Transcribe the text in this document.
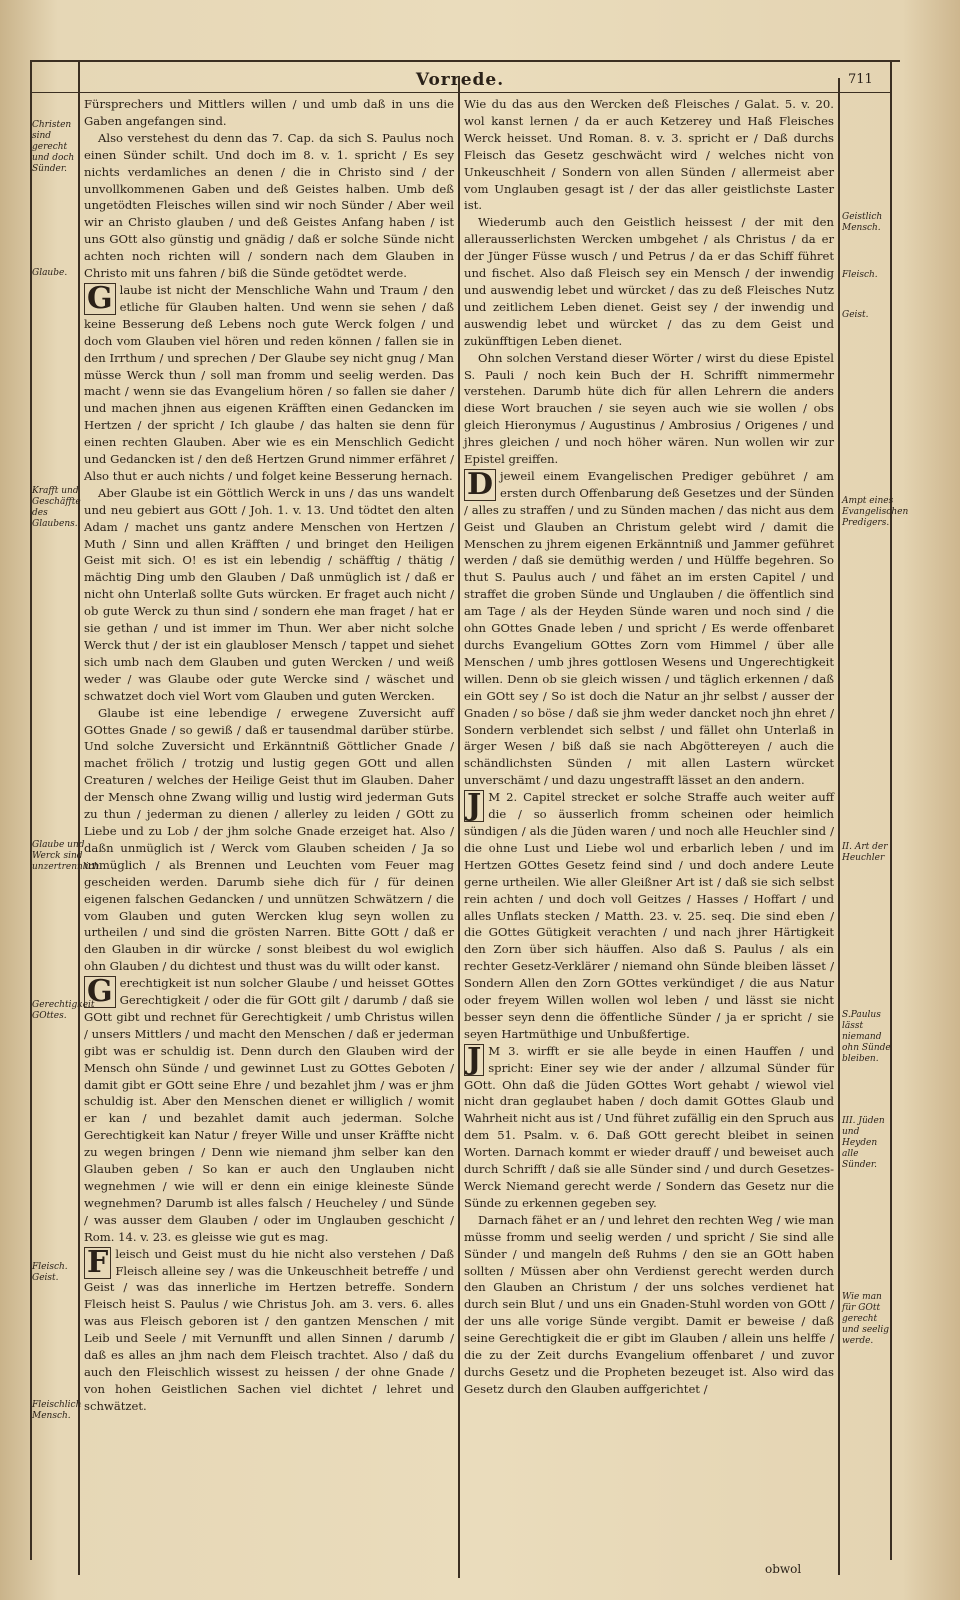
Vorrede.	711
Christen sind gerecht und doch Sünder.
Glaube.
Krafft und Geschäffte des Glaubens.
Glaube und Werck sind unzertrennlich.
Gerechtigkeit GOttes.
Fleisch. Geist.
Fleischlich Mensch.
Geistlich Mensch.
Fleisch.
Geist.
Ampt eines Evangelischen Predigers.
II. Art der Heuchler
S.Paulus lässt niemand ohn Sünde bleiben.
III. Jüden und Heyden alle Sünder.
Wie man für GOtt gerecht und seelig werde.

Fürsprechers und Mittlers willen / und umb daß in uns die Gaben angefangen sind.

Also verstehest du denn das 7. Cap. da sich S. Paulus noch einen Sünder schilt. Und doch im 8. v. 1. spricht / Es sey nichts verdamliches an denen / die in Christo sind / der unvollkommenen Gaben und deß Geistes halben. Umb deß ungetödten Fleisches willen sind wir noch Sünder / Aber weil wir an Christo glauben / und deß Geistes Anfang haben / ist uns GOtt also günstig und gnädig / daß er solche Sünde nicht achten noch richten will / sondern nach dem Glauben in Christo mit uns fahren / biß die Sünde getödtet werde.

G laube ist nicht der Menschliche Wahn und Traum / den etliche für Glauben halten. Und wenn sie sehen / daß keine Besserung deß Lebens noch gute Werck folgen / und doch vom Glauben viel hören und reden können / fallen sie in den Irrthum / und sprechen / Der Glaube sey nicht gnug / Man müsse Werck thun / soll man fromm und seelig werden. Das macht / wenn sie das Evangelium hören / so fallen sie daher / und machen jhnen aus eigenen Kräfften einen Gedancken im Hertzen / der spricht / Ich glaube / das halten sie denn für einen rechten Glauben. Aber wie es ein Menschlich Gedicht und Gedancken ist / den deß Hertzen Grund nimmer erfähret / Also thut er auch nichts / und folget keine Besserung hernach.

Aber Glaube ist ein Göttlich Werck in uns / das uns wandelt und neu gebiert aus GOtt / Joh. 1. v. 13. Und tödtet den alten Adam / machet uns gantz andere Menschen von Hertzen / Muth / Sinn und allen Kräfften / und bringet den Heiligen Geist mit sich. O! es ist ein lebendig / schäfftig / thätig / mächtig Ding umb den Glauben / Daß unmüglich ist / daß er nicht ohn Unterlaß sollte Guts würcken. Er fraget auch nicht / ob gute Werck zu thun sind / sondern ehe man fraget / hat er sie gethan / und ist immer im Thun. Wer aber nicht solche Werck thut / der ist ein glaubloser Mensch / tappet und siehet sich umb nach dem Glauben und guten Wercken / und weiß weder / was Glaube oder gute Wercke sind / wäschet und schwatzet doch viel Wort vom Glauben und guten Wercken.

Glaube ist eine lebendige / erwegene Zuversicht auff GOttes Gnade / so gewiß / daß er tausendmal darüber stürbe. Und solche Zuversicht und Erkänntniß Göttlicher Gnade / machet frölich / trotzig und lustig gegen GOtt und allen Creaturen / welches der Heilige Geist thut im Glauben. Daher der Mensch ohne Zwang willig und lustig wird jederman Guts zu thun / jederman zu dienen / allerley zu leiden / GOtt zu Liebe und zu Lob / der jhm solche Gnade erzeiget hat. Also / daßn unmüglich ist / Werck vom Glauben scheiden / Ja so unmüglich / als Brennen und Leuchten vom Feuer mag gescheiden werden. Darumb siehe dich für / für deinen eigenen falschen Gedancken / und unnützen Schwätzern / die vom Glauben und guten Wercken klug seyn wollen zu urtheilen / und sind die grösten Narren. Bitte GOtt / daß er den Glauben in dir würcke / sonst bleibest du wol ewiglich ohn Glauben / du dichtest und thust was du willt oder kanst.

G erechtigkeit ist nun solcher Glaube / und heisset GOttes Gerechtigkeit / oder die für GOtt gilt / darumb / daß sie GOtt gibt und rechnet für Gerechtigkeit / umb Christus willen / unsers Mittlers / und macht den Menschen / daß er jederman gibt was er schuldig ist. Denn durch den Glauben wird der Mensch ohn Sünde / und gewinnet Lust zu GOttes Geboten / damit gibt er GOtt seine Ehre / und bezahlet jhm / was er jhm schuldig ist. Aber den Menschen dienet er williglich / womit er kan / und bezahlet damit auch jederman. Solche Gerechtigkeit kan Natur / freyer Wille und unser Kräffte nicht zu wegen bringen / Denn wie niemand jhm selber kan den Glauben geben / So kan er auch den Unglauben nicht wegnehmen / wie will er denn ein einige kleineste Sünde wegnehmen? Darumb ist alles falsch / Heucheley / und Sünde / was ausser dem Glauben / oder im Unglauben geschicht / Rom. 14. v. 23. es gleisse wie gut es mag.

F leisch und Geist must du hie nicht also verstehen / Daß Fleisch alleine sey / was die Unkeuschheit betreffe / und Geist / was das innerliche im Hertzen betreffe. Sondern Fleisch heist S. Paulus / wie Christus Joh. am 3. vers. 6. alles was aus Fleisch geboren ist / den gantzen Menschen / mit Leib und Seele / mit Vernunfft und allen Sinnen / darumb / daß es alles an jhm nach dem Fleisch trachtet. Also / daß du auch den Fleischlich wissest zu heissen / der ohne Gnade / von hohen Geistlichen Sachen viel dichtet / lehret und schwätzet.

Wie du das aus den Wercken deß Fleisches / Galat. 5. v. 20. wol kanst lernen / da er auch Ketzerey und Haß Fleisches Werck heisset. Und Roman. 8. v. 3. spricht er / Daß durchs Fleisch das Gesetz geschwächt wird / welches nicht von Unkeuschheit / Sondern von allen Sünden / allermeist aber vom Unglauben gesagt ist / der das aller geistlichste Laster ist.

Wiederumb auch den Geistlich heissest / der mit den allerausserlichsten Wercken umbgehet / als Christus / da er der Jünger Füsse wusch / und Petrus / da er das Schiff führet und fischet. Also daß Fleisch sey ein Mensch / der inwendig und auswendig lebet und würcket / das zu deß Fleisches Nutz und zeitlichem Leben dienet. Geist sey / der inwendig und auswendig lebet und würcket / das zu dem Geist und zukünfftigen Leben dienet.

Ohn solchen Verstand dieser Wörter / wirst du diese Epistel S. Pauli / noch kein Buch der H. Schrifft nimmermehr verstehen. Darumb hüte dich für allen Lehrern die anders diese Wort brauchen / sie seyen auch wie sie wollen / obs gleich Hieronymus / Augustinus / Ambrosius / Origenes / und jhres gleichen / und noch höher wären. Nun wollen wir zur Epistel greiffen.

D jeweil einem Evangelischen Prediger gebühret / am ersten durch Offenbarung deß Gesetzes und der Sünden / alles zu straffen / und zu Sünden machen / das nicht aus dem Geist und Glauben an Christum gelebt wird / damit die Menschen zu jhrem eigenen Erkänntniß und Jammer geführet werden / daß sie demüthig werden / und Hülffe begehren. So thut S. Paulus auch / und fähet an im ersten Capitel / und straffet die groben Sünde und Unglauben / die öffentlich sind am Tage / als der Heyden Sünde waren und noch sind / die ohn GOttes Gnade leben / und spricht / Es werde offenbaret durchs Evangelium GOttes Zorn vom Himmel / über alle Menschen / umb jhres gottlosen Wesens und Ungerechtigkeit willen. Denn ob sie gleich wissen / und täglich erkennen / daß ein GOtt sey / So ist doch die Natur an jhr selbst / ausser der Gnaden / so böse / daß sie jhm weder dancket noch jhn ehret / Sondern verblendet sich selbst / und fället ohn Unterlaß in ärger Wesen / biß daß sie nach Abgöttereyen / auch die schändlichsten Sünden / mit allen Lastern würcket unverschämt / und dazu ungestrafft lässet an den andern.

J M 2. Capitel strecket er solche Straffe auch weiter auff die / so äusserlich fromm scheinen oder heimlich sündigen / als die Jüden waren / und noch alle Heuchler sind / die ohne Lust und Liebe wol und erbarlich leben / und im Hertzen GOttes Gesetz feind sind / und doch andere Leute gerne urtheilen. Wie aller Gleißner Art ist / daß sie sich selbst rein achten / und doch voll Geitzes / Hasses / Hoffart / und alles Unflats stecken / Matth. 23. v. 25. seq. Die sind eben / die GOttes Gütigkeit verachten / und nach jhrer Härtigkeit den Zorn über sich häuffen. Also daß S. Paulus / als ein rechter Gesetz-Verklärer / niemand ohn Sünde bleiben lässet / Sondern Allen den Zorn GOttes verkündiget / die aus Natur oder freyem Willen wollen wol leben / und lässt sie nicht besser seyn denn die öffentliche Sünder / ja er spricht / sie seyen Hartmüthige und Unbußfertige.

J M 3. wirfft er sie alle beyde in einen Hauffen / und spricht: Einer sey wie der ander / allzumal Sünder für GOtt. Ohn daß die Jüden GOttes Wort gehabt / wiewol viel nicht dran geglaubet haben / doch damit GOttes Glaub und Wahrheit nicht aus ist / Und führet zufällig ein den Spruch aus dem 51. Psalm. v. 6. Daß GOtt gerecht bleibet in seinen Worten. Darnach kommt er wieder drauff / und beweiset auch durch Schrifft / daß sie alle Sünder sind / und durch Gesetzes-Werck Niemand gerecht werde / Sondern das Gesetz nur die Sünde zu erkennen gegeben sey.

Darnach fähet er an / und lehret den rechten Weg / wie man müsse fromm und seelig werden / und spricht / Sie sind alle Sünder / und mangeln deß Ruhms / den sie an GOtt haben sollten / Müssen aber ohn Verdienst gerecht werden durch den Glauben an Christum / der uns solches verdienet hat durch sein Blut / und uns ein Gnaden-Stuhl worden von GOtt / der uns alle vorige Sünde vergibt. Damit er beweise / daß seine Gerechtigkeit die er gibt im Glauben / allein uns helffe / die zu der Zeit durchs Evangelium offenbaret / und zuvor durchs Gesetz und die Propheten bezeuget ist. Also wird das Gesetz durch den Glauben auffgerichtet /

obwol
